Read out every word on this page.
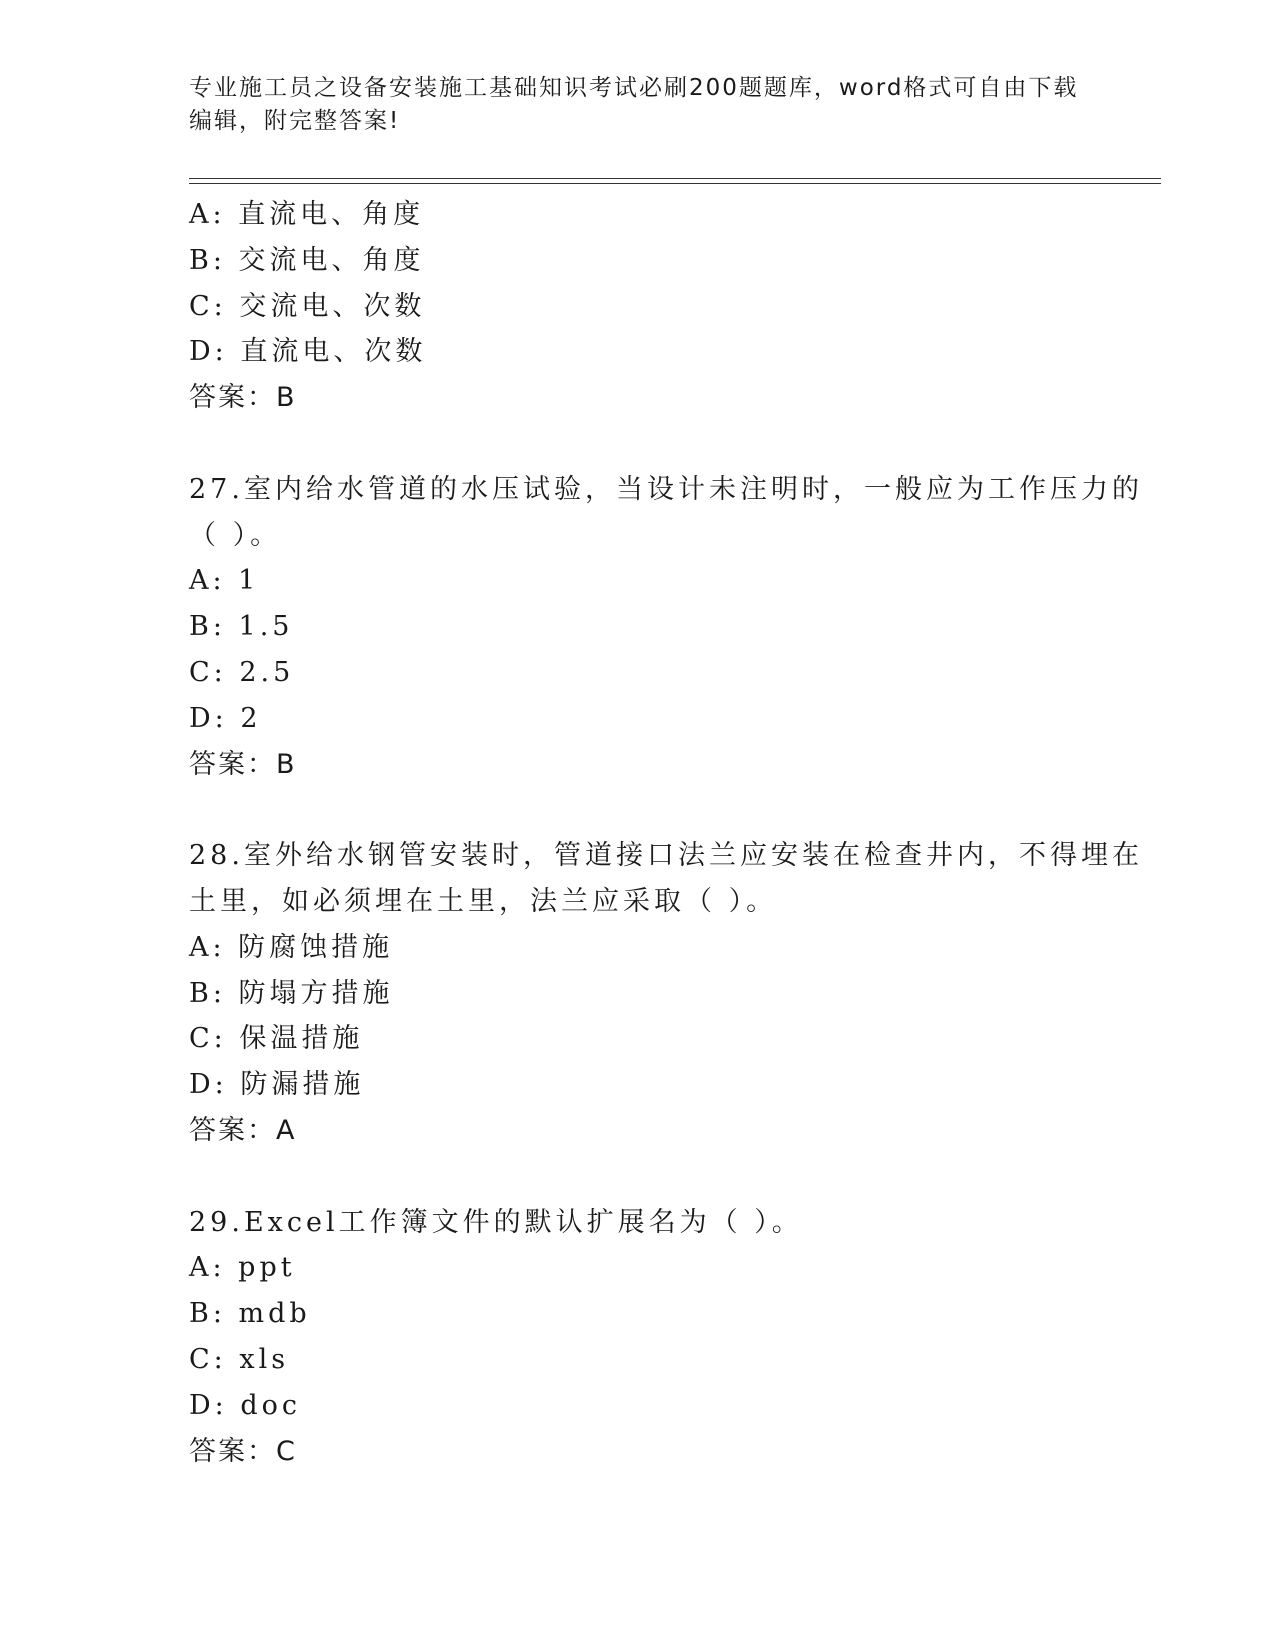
专业施工员之设备安装施工基础知识考试必刷200题题库，word格式可自由下载
编辑，附完整答案!
A: 直流电、角度
B: 交流电、角度
C: 交流电、次数
D: 直流电、次数
答案：B
27.室内给水管道的水压试验，当设计未注明时，一般应为工作压力的
（ ）。
A: 1
B: 1.5
C: 2.5
D: 2
答案：B
28.室外给水钢管安装时，管道接口法兰应安装在检查井内，不得埋在
土里，如必须埋在土里，法兰应采取（ ）。
A: 防腐蚀措施
B: 防塌方措施
C: 保温措施
D: 防漏措施
答案：A
29.Excel工作簿文件的默认扩展名为（ ）。
A: ppt
B: mdb
C: xls
D: doc
答案：C
